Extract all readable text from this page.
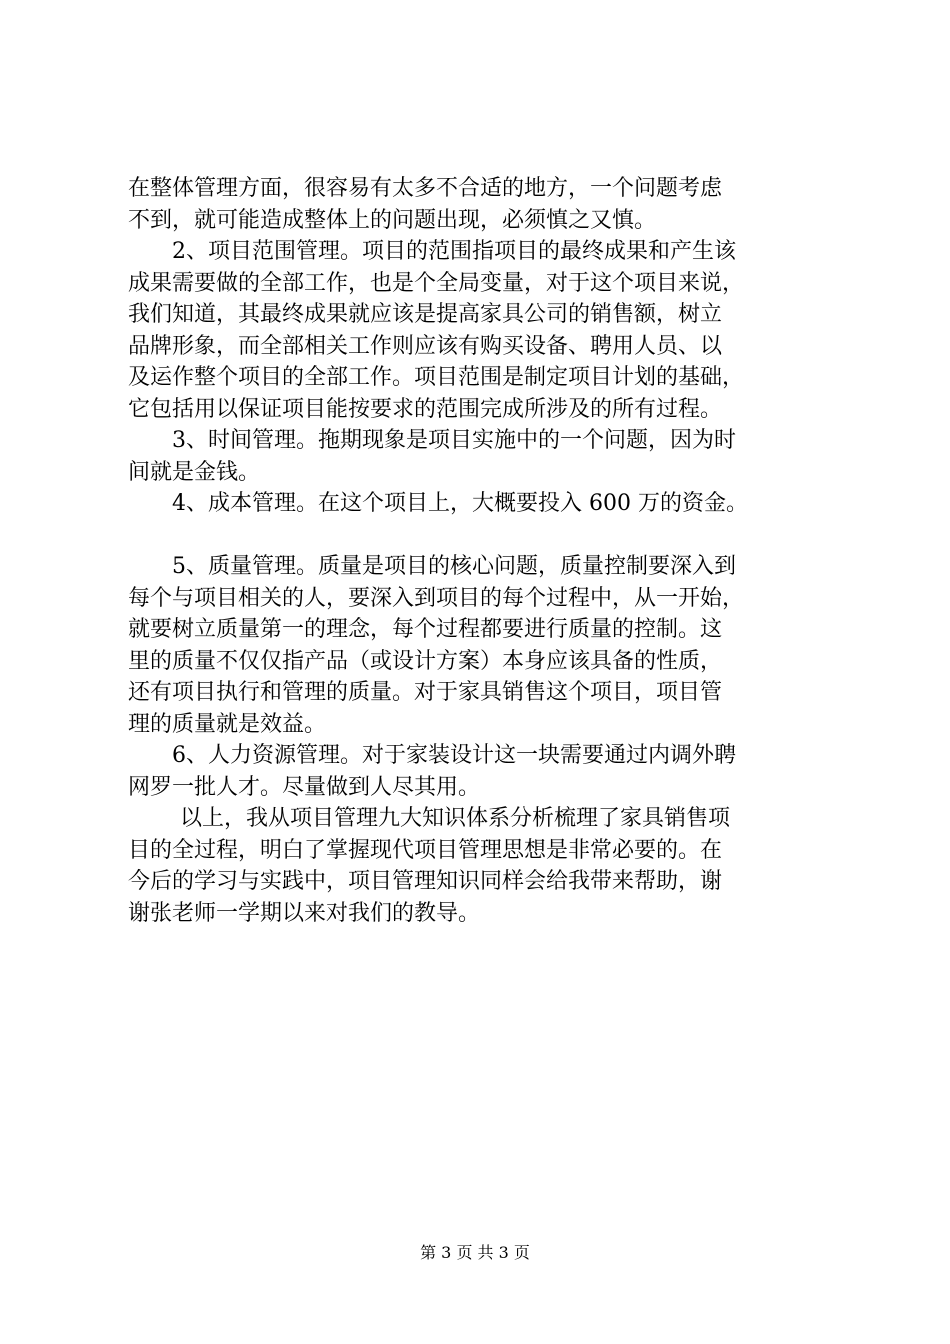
在整体管理方面，很容易有太多不合适的地方，一个问题考虑
不到，就可能造成整体上的问题出现，必须慎之又慎。
2、项目范围管理。项目的范围指项目的最终成果和产生该
成果需要做的全部工作，也是个全局变量，对于这个项目来说，
我们知道，其最终成果就应该是提高家具公司的销售额，树立
品牌形象，而全部相关工作则应该有购买设备、聘用人员、以
及运作整个项目的全部工作。项目范围是制定项目计划的基础，
它包括用以保证项目能按要求的范围完成所涉及的所有过程。
3、时间管理。拖期现象是项目实施中的一个问题，因为时
间就是金钱。
4、成本管理。在这个项目上，大概要投入 600 万的资金。
5、质量管理。质量是项目的核心问题，质量控制要深入到
每个与项目相关的人，要深入到项目的每个过程中，从一开始，
就要树立质量第一的理念，每个过程都要进行质量的控制。这
里的质量不仅仅指产品（或设计方案）本身应该具备的性质，
还有项目执行和管理的质量。对于家具销售这个项目，项目管
理的质量就是效益。
6、人力资源管理。对于家装设计这一块需要通过内调外聘
网罗一批人才。尽量做到人尽其用。
以上，我从项目管理九大知识体系分析梳理了家具销售项
目的全过程，明白了掌握现代项目管理思想是非常必要的。在
今后的学习与实践中，项目管理知识同样会给我带来帮助，谢
谢张老师一学期以来对我们的教导。
第 3 页 共 3 页
